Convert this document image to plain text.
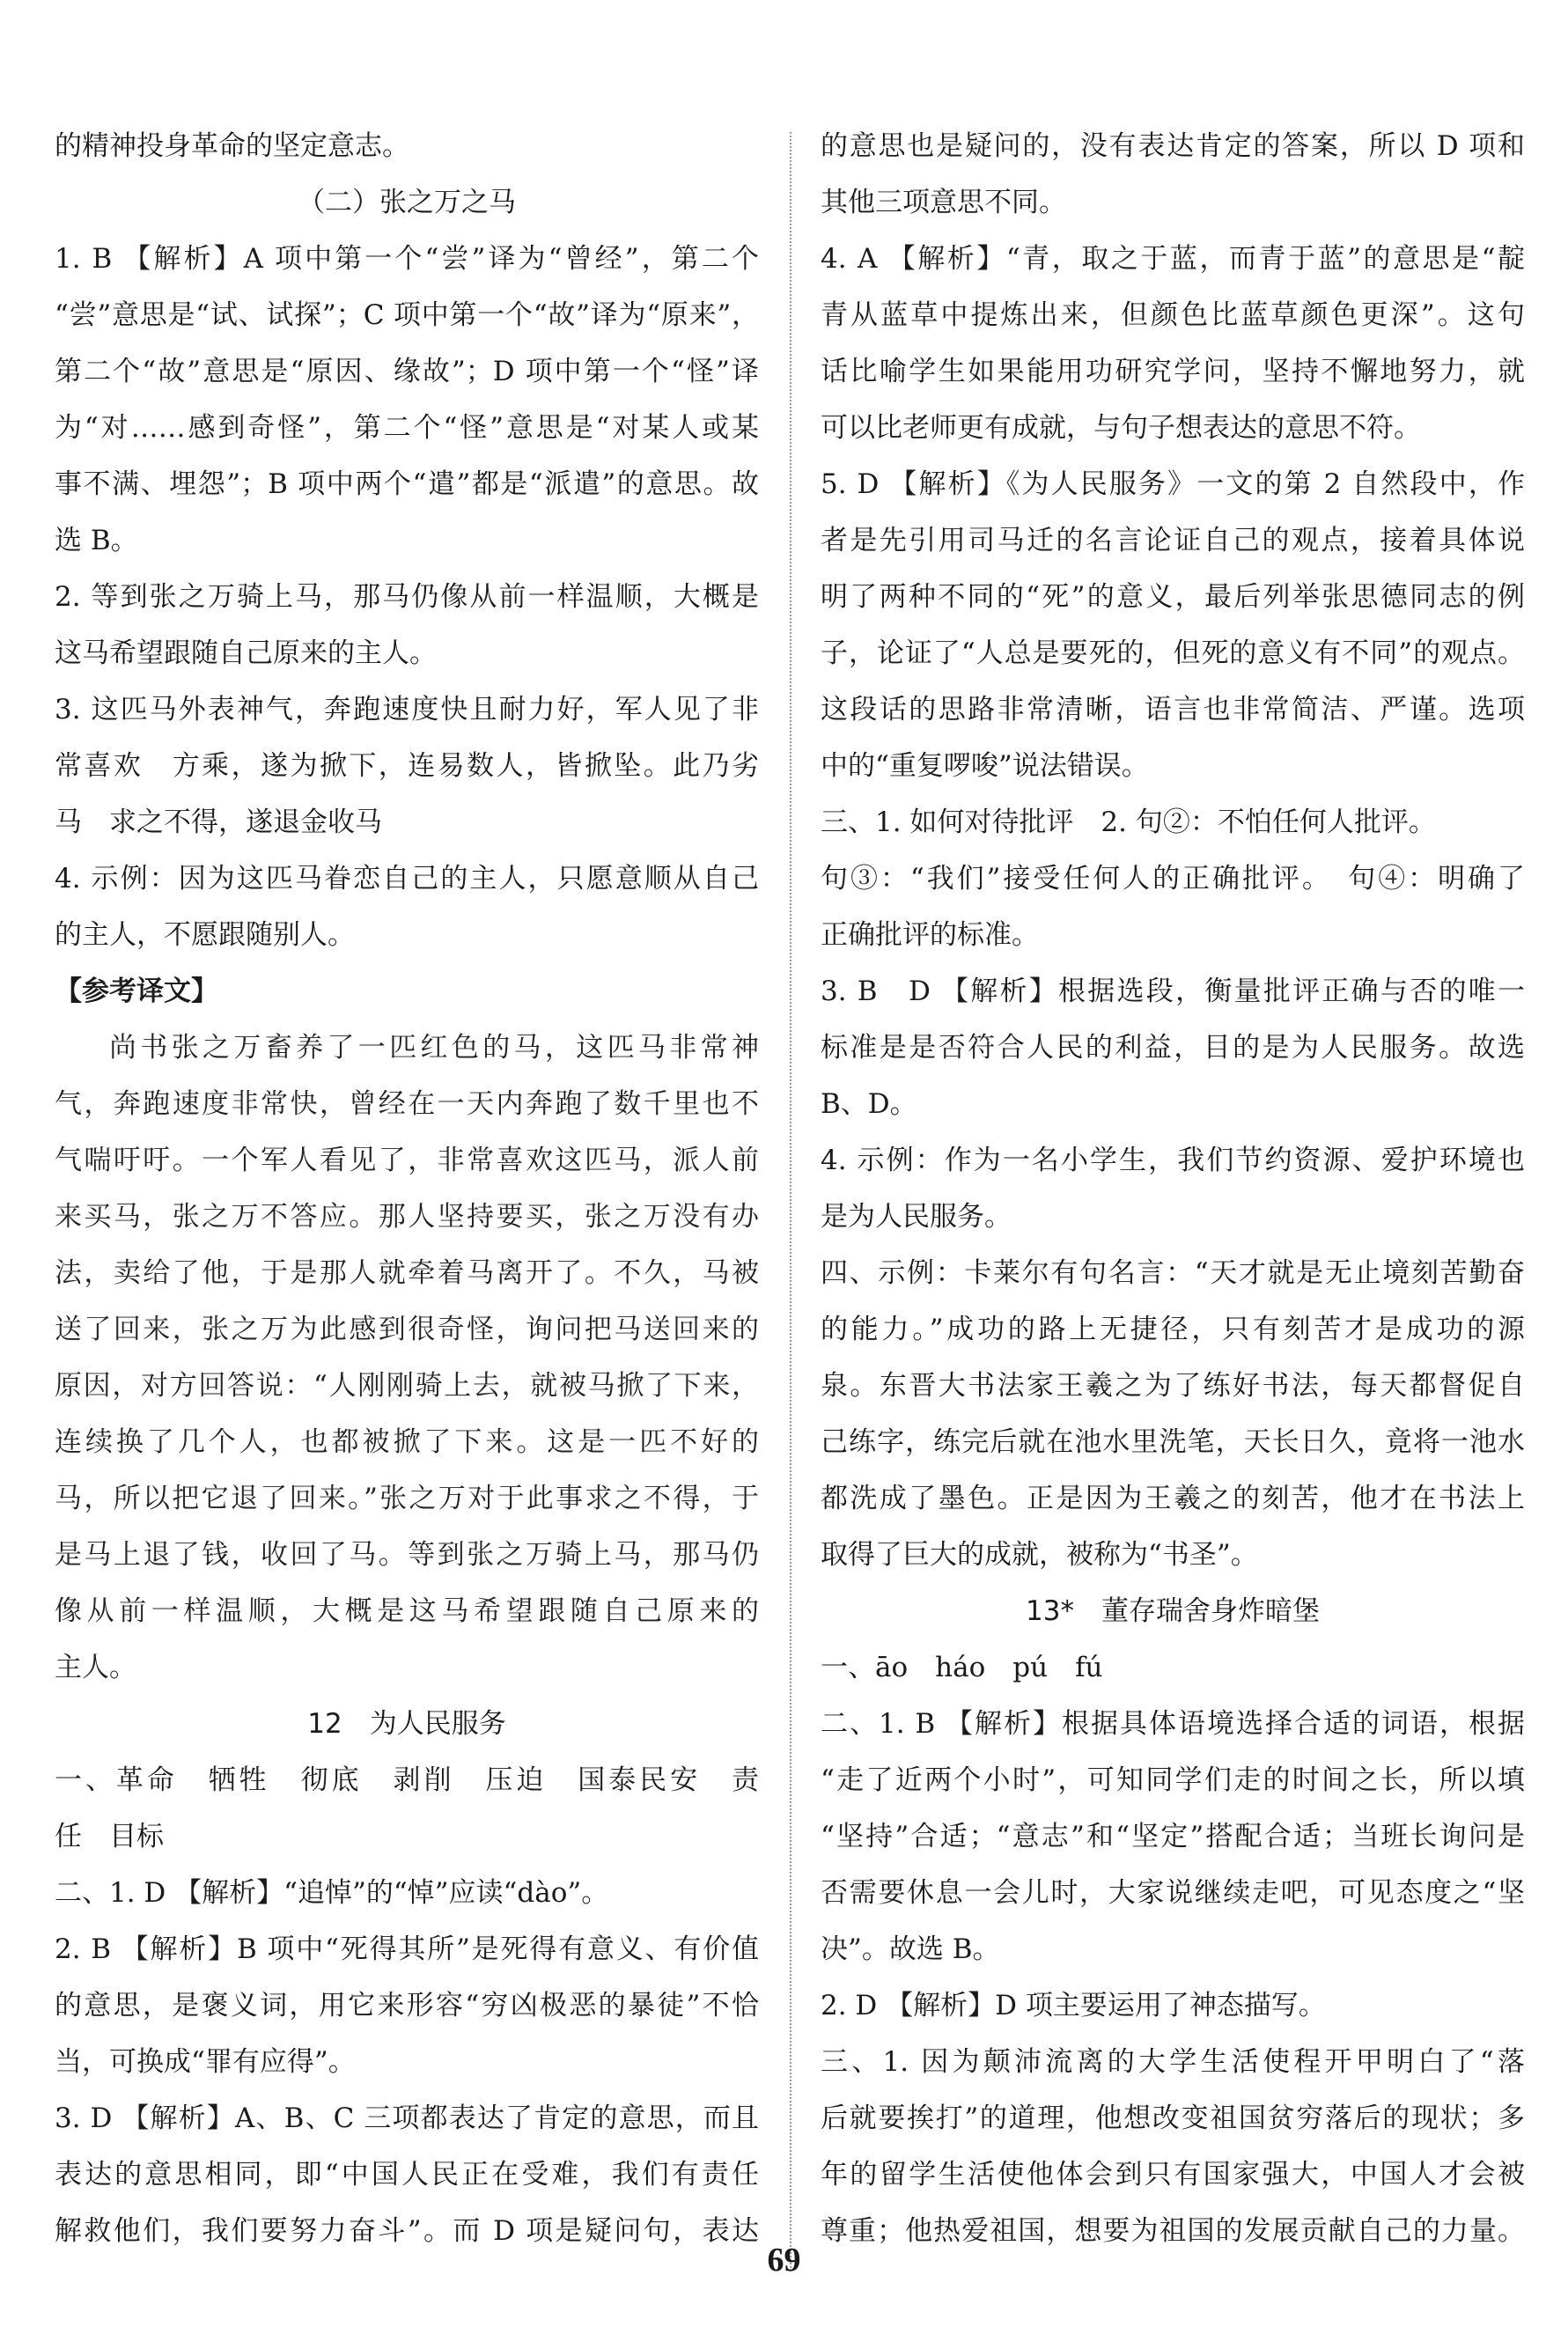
的精神投身革命的坚定意志。
（二）张之万之马
1. B 【解析】A 项中第一个“尝”译为“曾经”，第二个
“尝”意思是“试、试探”；C 项中第一个“故”译为“原来”，
第二个“故”意思是“原因、缘故”；D 项中第一个“怪”译
为“对……感到奇怪”，第二个“怪”意思是“对某人或某
事不满、埋怨”；B 项中两个“遣”都是“派遣”的意思。故
选 B。
2. 等到张之万骑上马，那马仍像从前一样温顺，大概是
这马希望跟随自己原来的主人。
3. 这匹马外表神气，奔跑速度快且耐力好，军人见了非
常喜欢　方乘，遂为掀下，连易数人，皆掀坠。此乃劣
马　求之不得，遂退金收马
4. 示例：因为这匹马眷恋自己的主人，只愿意顺从自己
的主人，不愿跟随别人。
【参考译文】
尚书张之万畜养了一匹红色的马，这匹马非常神
气，奔跑速度非常快，曾经在一天内奔跑了数千里也不
气喘吁吁。一个军人看见了，非常喜欢这匹马，派人前
来买马，张之万不答应。那人坚持要买，张之万没有办
法，卖给了他，于是那人就牵着马离开了。不久，马被
送了回来，张之万为此感到很奇怪，询问把马送回来的
原因，对方回答说：“人刚刚骑上去，就被马掀了下来，
连续换了几个人，也都被掀了下来。这是一匹不好的
马，所以把它退了回来。”张之万对于此事求之不得，于
是马上退了钱，收回了马。等到张之万骑上马，那马仍
像从前一样温顺，大概是这马希望跟随自己原来的
主人。
12　为人民服务
一、革命　牺牲　彻底　剥削　压迫　国泰民安　责
任　目标
二、1. D 【解析】“追悼”的“悼”应读“dào”。
2. B 【解析】B 项中“死得其所”是死得有意义、有价值
的意思，是褒义词，用它来形容“穷凶极恶的暴徒”不恰
当，可换成“罪有应得”。
3. D 【解析】A、B、C 三项都表达了肯定的意思，而且
表达的意思相同，即“中国人民正在受难，我们有责任
解救他们，我们要努力奋斗”。而 D 项是疑问句，表达
的意思也是疑问的，没有表达肯定的答案，所以 D 项和
其他三项意思不同。
4. A 【解析】“青，取之于蓝，而青于蓝”的意思是“靛
青从蓝草中提炼出来，但颜色比蓝草颜色更深”。这句
话比喻学生如果能用功研究学问，坚持不懈地努力，就
可以比老师更有成就，与句子想表达的意思不符。
5. D 【解析】《为人民服务》一文的第 2 自然段中，作
者是先引用司马迁的名言论证自己的观点，接着具体说
明了两种不同的“死”的意义，最后列举张思德同志的例
子，论证了“人总是要死的，但死的意义有不同”的观点。
这段话的思路非常清晰，语言也非常简洁、严谨。选项
中的“重复啰唆”说法错误。
三、1. 如何对待批评　2. 句②：不怕任何人批评。
句③：“我们”接受任何人的正确批评。　句④：明确了
正确批评的标准。
3. B　D 【解析】根据选段，衡量批评正确与否的唯一
标准是是否符合人民的利益，目的是为人民服务。故选
B、D。
4. 示例：作为一名小学生，我们节约资源、爱护环境也
是为人民服务。
四、示例：卡莱尔有句名言：“天才就是无止境刻苦勤奋
的能力。”成功的路上无捷径，只有刻苦才是成功的源
泉。东晋大书法家王羲之为了练好书法，每天都督促自
己练字，练完后就在池水里洗笔，天长日久，竟将一池水
都洗成了墨色。正是因为王羲之的刻苦，他才在书法上
取得了巨大的成就，被称为“书圣”。
13*　董存瑞舍身炸暗堡
一、āo　háo　pú　fú
二、1. B 【解析】根据具体语境选择合适的词语，根据
“走了近两个小时”，可知同学们走的时间之长，所以填
“坚持”合适；“意志”和“坚定”搭配合适；当班长询问是
否需要休息一会儿时，大家说继续走吧，可见态度之“坚
决”。故选 B。
2. D 【解析】D 项主要运用了神态描写。
三、1. 因为颠沛流离的大学生活使程开甲明白了“落
后就要挨打”的道理，他想改变祖国贫穷落后的现状；多
年的留学生活使他体会到只有国家强大，中国人才会被
尊重；他热爱祖国，想要为祖国的发展贡献自己的力量。
69
